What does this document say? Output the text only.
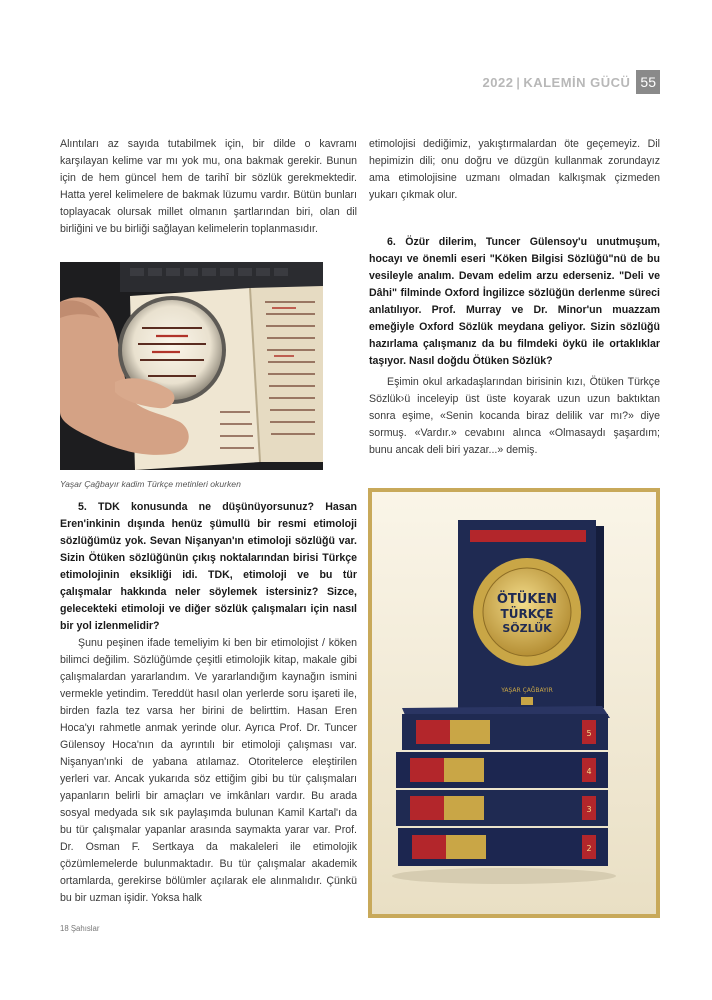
2022 | KALEMİN GÜCÜ 55

Alıntıları az sayıda tutabilmek için, bir dilde o kavramı karşılayan kelime var mı yok mu, ona bakmak gerekir. Bunun için de hem güncel hem de tarihî bir sözlük gerekmektedir. Hatta yerel kelimelere de bakmak lüzumu vardır. Bütün bunları toplayacak olursak millet olmanın şartlarından biri, olan dil birliğini ve bu birliği sağlayan kelimelerin toplanmasıdır.

Yaşar Çağbayır kadim Türkçe metinleri okurken

5. TDK konusunda ne düşünüyorsunuz? Hasan Eren'inkinin dışında henüz şümullü bir resmi etimoloji sözlüğümüz yok. Sevan Nişanyan'ın etimoloji sözlüğü var. Sizin Ötüken sözlüğünün çıkış noktalarından birisi Türkçe etimolojinin eksikliği idi. TDK, etimoloji ve bu tür çalışmalar hakkında neler söylemek istersiniz? Sizce, gelecekteki etimoloji ve diğer sözlük çalışmaları için nasıl bir yol izlenmelidir?

Şunu peşinen ifade temeliyim ki ben bir etimolojist / köken bilimci değilim. Sözlüğümde çeşitli etimolojik kitap, makale gibi çalışmalardan yararlandım. Ve yararlandığım kaynağın ismini vermekle yetindim. Tereddüt hasıl olan yerlerde soru işareti ile, birden fazla tez varsa her birini de belirttim. Hasan Eren Hoca'yı rahmetle anmak yerinde olur. Ayrıca Prof. Dr. Tuncer Gülensoy Hoca'nın da ayrıntılı bir etimoloji çalışması var. Nişanyan'ınki de yabana atılamaz. Otoritelerce eleştirilen yerleri var. Ancak yukarıda söz ettiğim gibi bu tür çalışmaları yapanların belirli bir amaçları ve imkânları vardır. Bu arada sosyal medyada sık sık paylaşımda bulunan Kamil Kartal'ı da bu tür çalışmalar yapanlar arasında saymakta yarar var. Prof. Dr. Osman F. Sertkaya da makaleleri ile etimolojik çözümlemelerde bulunmaktadır. Bu tür çalışmalar akademik ortamlarda, gerekirse bölümler açılarak ele alınmalıdır. Çünkü bu bir uzman işidir. Yoksa halk

etimolojisi dediğimiz, yakıştırmalardan öte geçemeyiz. Dil hepimizin dili; onu doğru ve düzgün kullanmak zorundayız ama etimolojisine uzmanı olmadan kalkışmak çizmeden yukarı çıkmak olur.

6. Özür dilerim, Tuncer Gülensoy'u unutmuşum, hocayı ve önemli eseri "Köken Bilgisi Sözlüğü"nü de bu vesileyle analım. Devam edelim arzu ederseniz. "Deli ve Dâhi" filminde Oxford İngilizce sözlüğün derlenme süreci anlatılıyor. Prof. Murray ve Dr. Minor'un muazzam emeğiyle Oxford Sözlük meydana geliyor. Sizin sözlüğü hazırlama çalışmanız da bu filmdeki öykü ile ortaklıklar taşıyor. Nasıl doğdu Ötüken Sözlük?

Eşimin okul arkadaşlarından birisinin kızı, Ötüken Türkçe Sözlük›ü inceleyip üst üste koyarak uzun uzun baktıktan sonra eşime, «Senin kocanda biraz delilik var mı?» diye sormuş. «Vardır.» cevabını alınca «Olmasaydı şaşardım; bunu ancak deli biri yazar...» demiş.

ÖTÜKEN
TÜRKÇE
SÖZLÜK
YAŞAR ÇAĞBAYIR
5
4
3
2
18 Şahıslar
